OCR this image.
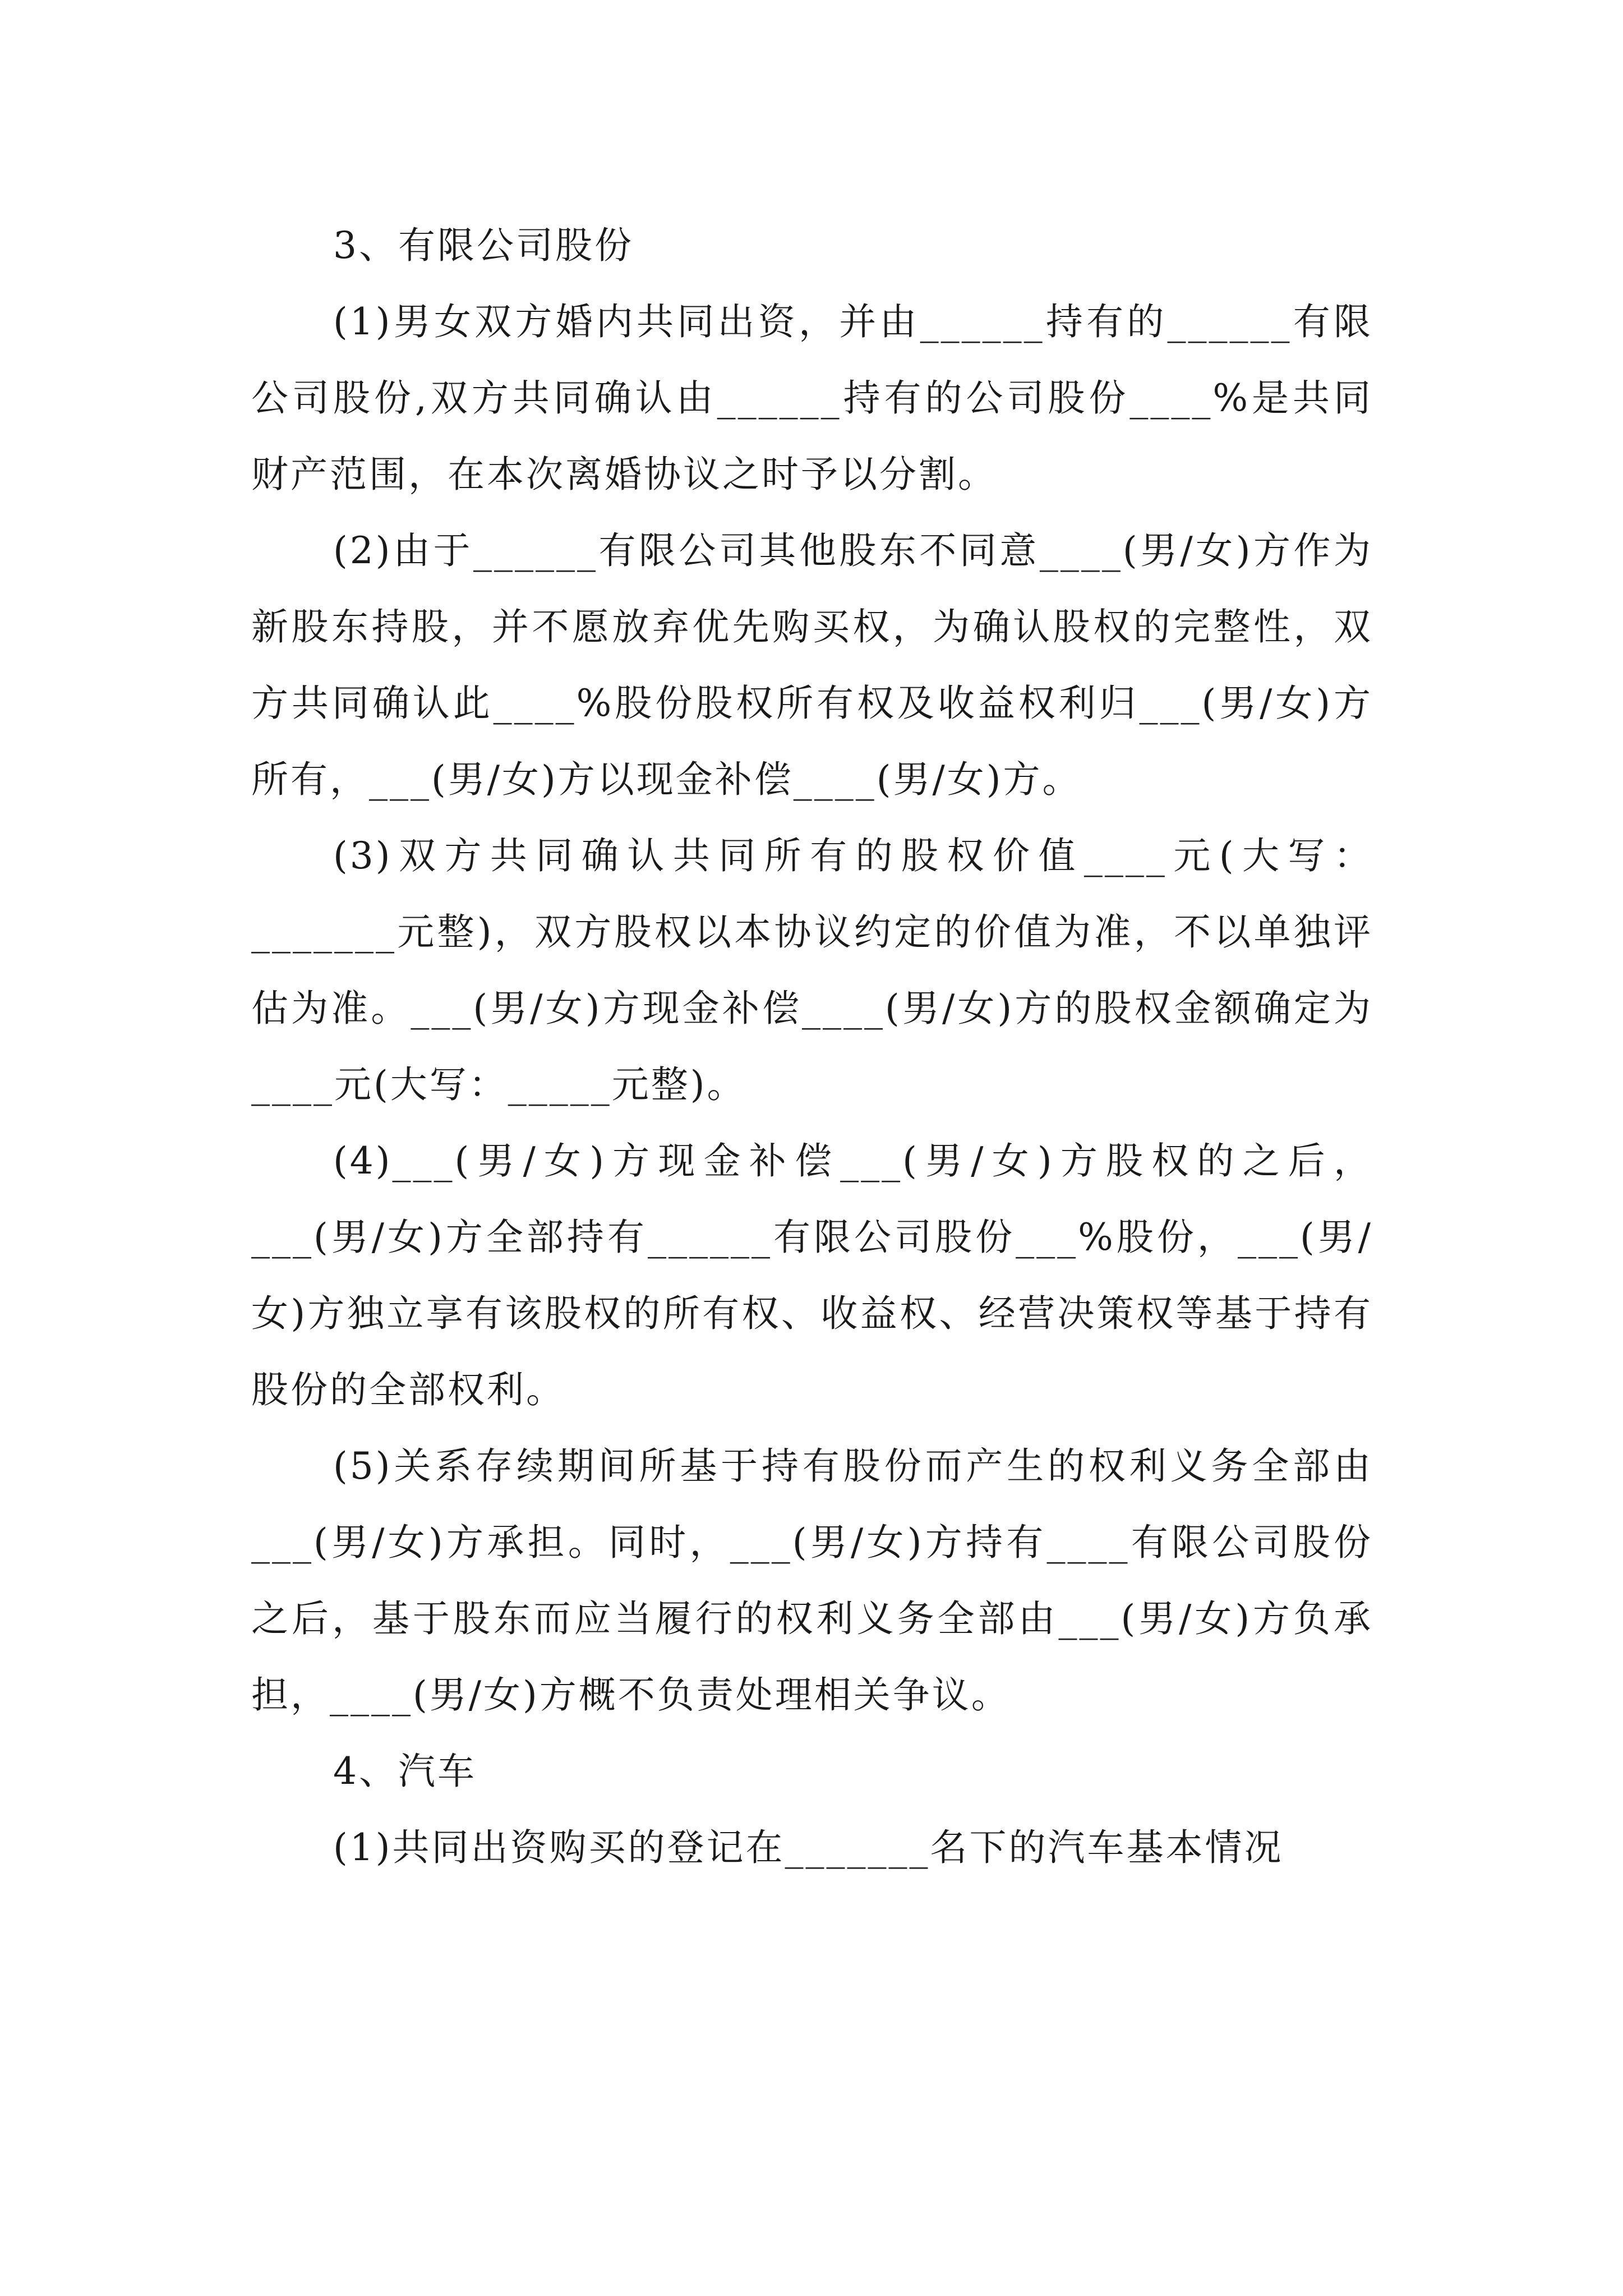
3、有限公司股份

(1)男女双方婚内共同出资，并由______持有的______有限公司股份,双方共同确认由______持有的公司股份____%是共同财产范围，在本次离婚协议之时予以分割。

(2)由于______有限公司其他股东不同意____(男/女)方作为新股东持股，并不愿放弃优先购买权，为确认股权的完整性，双方共同确认此____%股份股权所有权及收益权利归___(男/女)方所有，___(男/女)方以现金补偿____(男/女)方。

(3)双方共同确认共同所有的股权价值____元(大写：_______元整)，双方股权以本协议约定的价值为准，不以单独评估为准。___(男/女)方现金补偿____(男/女)方的股权金额确定为____元(大写：_____元整)。

(4)___(男/女)方现金补偿___(男/女)方股权的之后，___(男/女)方全部持有______有限公司股份___%股份，___(男/女)方独立享有该股权的所有权、收益权、经营决策权等基于持有股份的全部权利。

(5)关系存续期间所基于持有股份而产生的权利义务全部由___(男/女)方承担。同时，___(男/女)方持有____有限公司股份之后，基于股东而应当履行的权利义务全部由___(男/女)方负承担，____(男/女)方概不负责处理相关争议。

4、汽车

(1)共同出资购买的登记在_______名下的汽车基本情况
